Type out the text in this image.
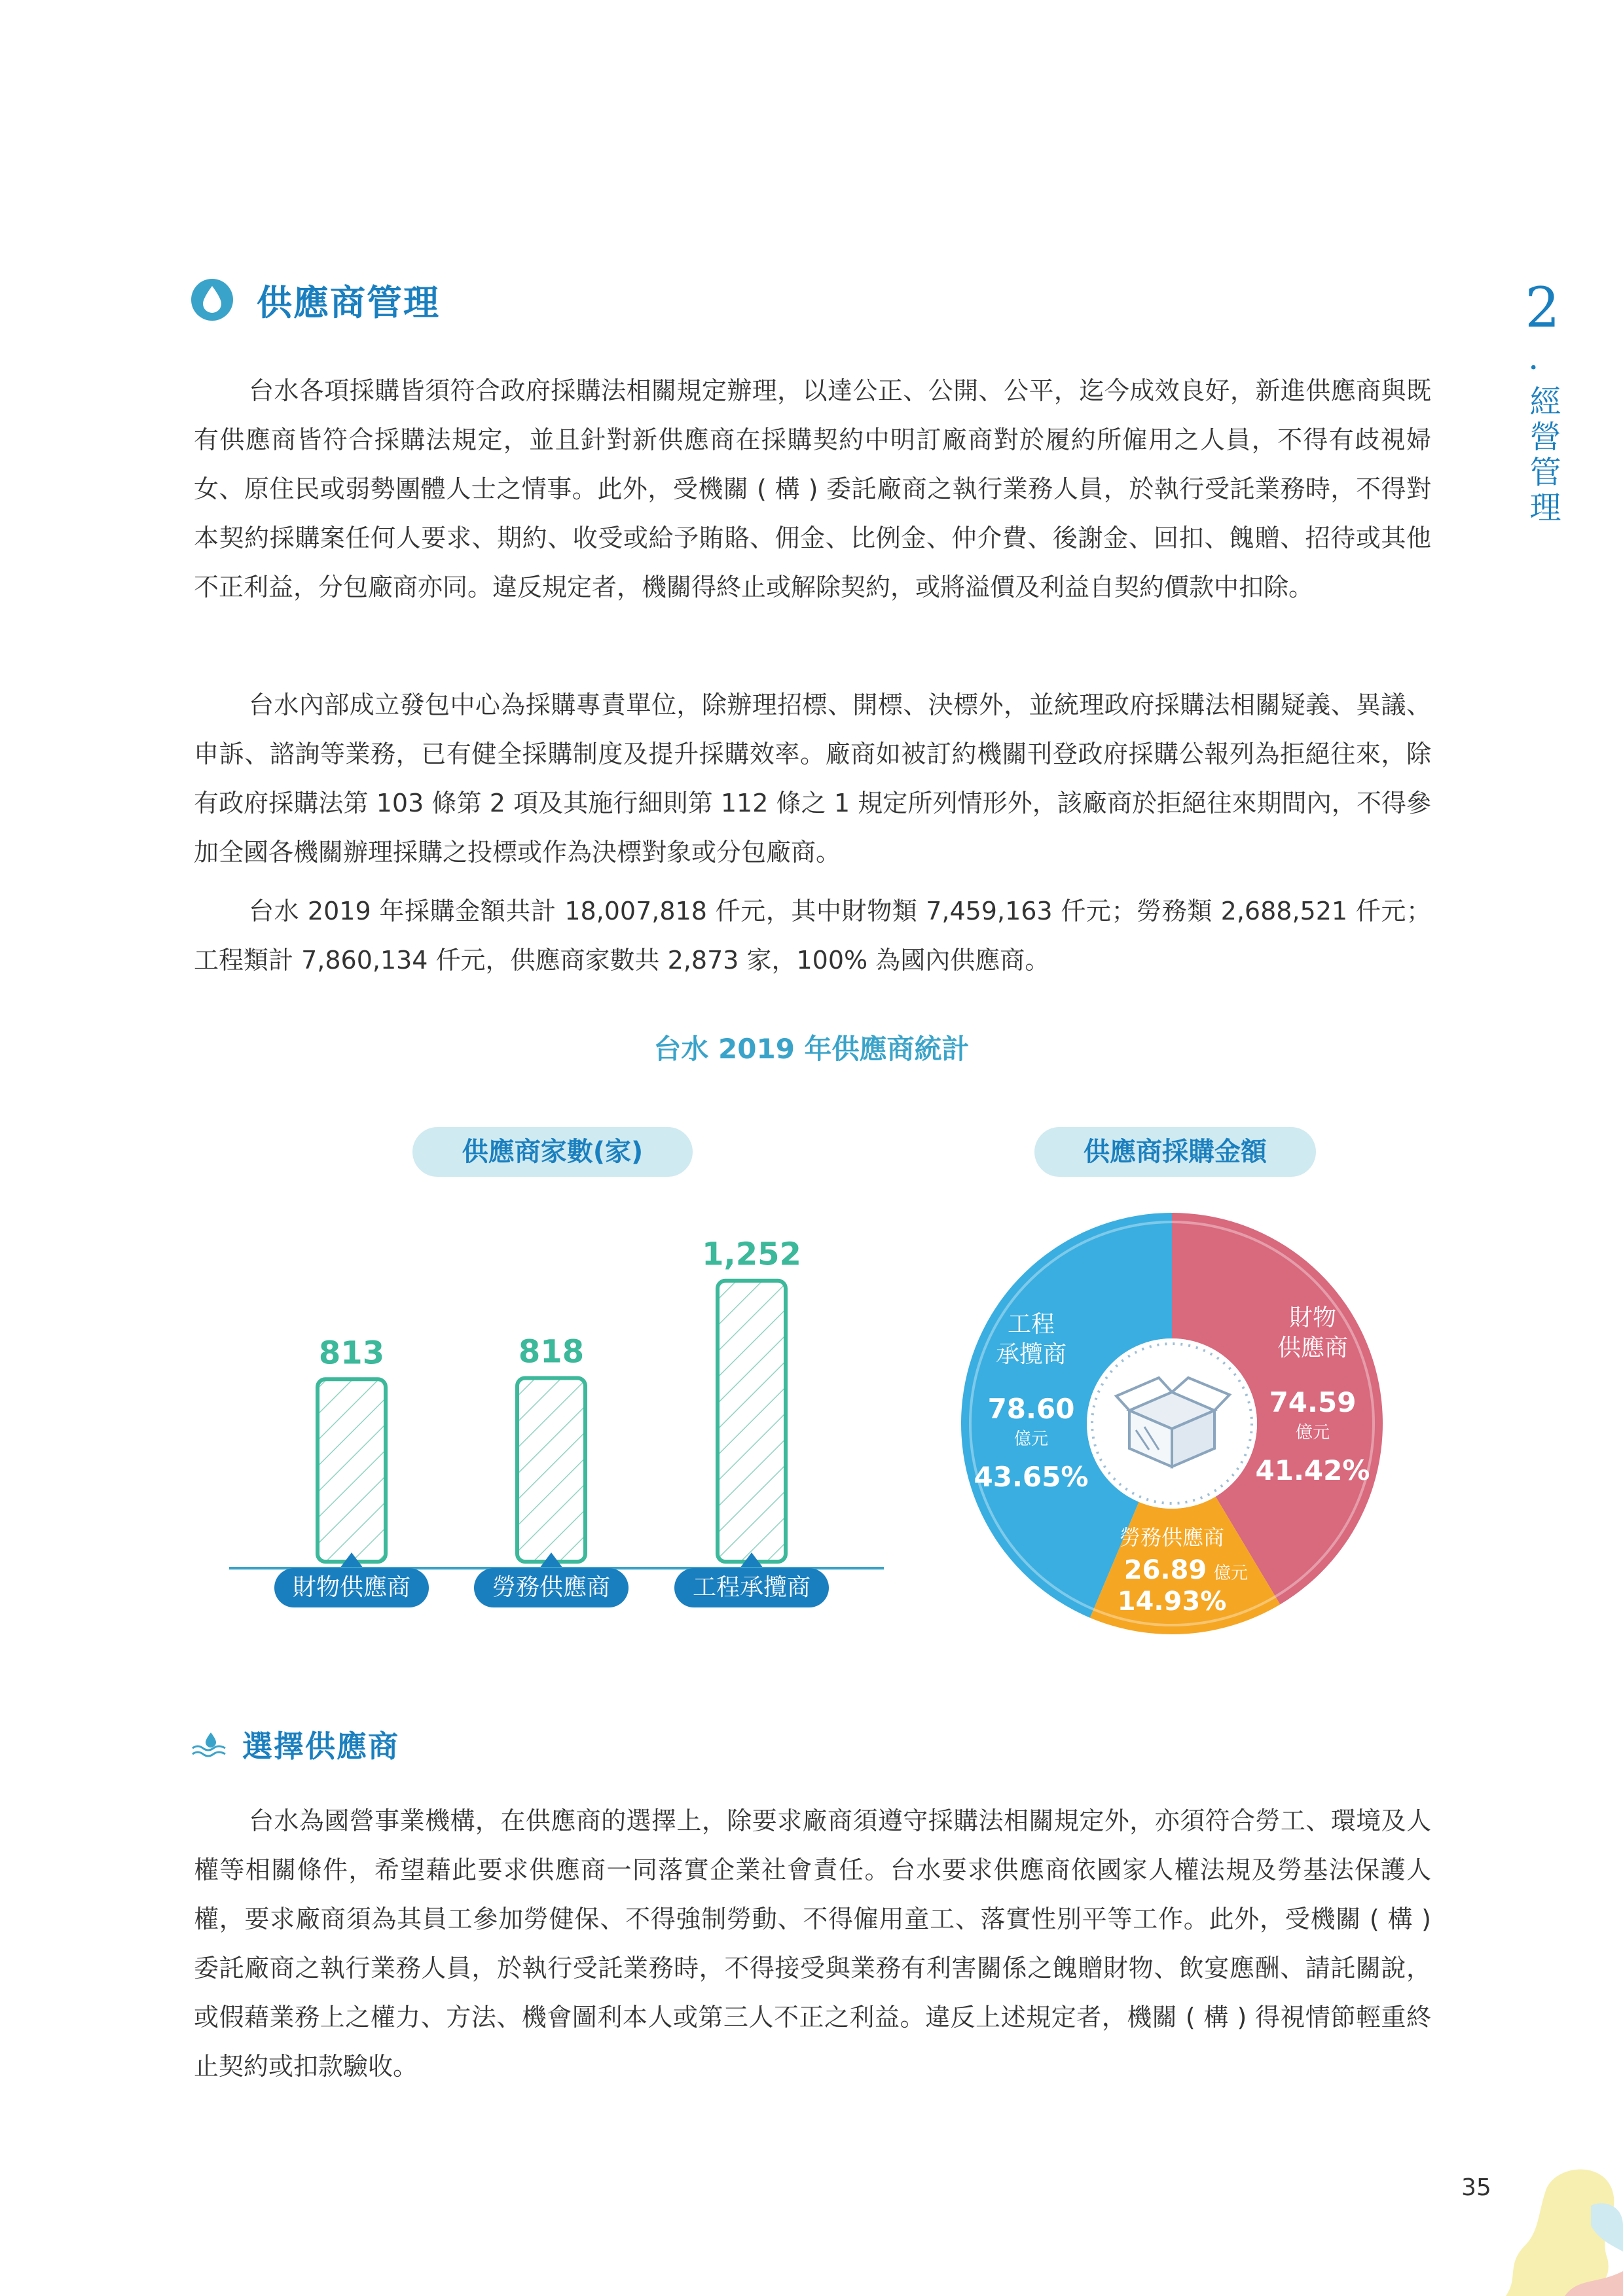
供應商管理	2
．
經營管理

台水各項採購皆須符合政府採購法相關規定辦理，以達公正、公開、公平，迄今成效良好，新進供應商與既有供應商皆符合採購法規定，並且針對新供應商在採購契約中明訂廠商對於履約所僱用之人員，不得有歧視婦女、原住民或弱勢團體人士之情事。此外，受機關 ( 構 ) 委託廠商之執行業務人員，於執行受託業務時，不得對本契約採購案任何人要求、期約、收受或給予賄賂、佣金、比例金、仲介費、後謝金、回扣、餽贈、招待或其他不正利益，分包廠商亦同。違反規定者，機關得終止或解除契約，或將溢價及利益自契約價款中扣除。

台水內部成立發包中心為採購專責單位，除辦理招標、開標、決標外，並統理政府採購法相關疑義、異議、申訴、諮詢等業務，已有健全採購制度及提升採購效率。廠商如被訂約機關刊登政府採購公報列為拒絕往來，除有政府採購法第 103 條第 2 項及其施行細則第 112 條之 1 規定所列情形外，該廠商於拒絕往來期間內，不得參加全國各機關辦理採購之投標或作為決標對象或分包廠商。

台水 2019 年採購金額共計 18,007,818 仟元，其中財物類 7,459,163 仟元；勞務類 2,688,521 仟元；工程類計 7,860,134 仟元，供應商家數共 2,873 家，100% 為國內供應商。

台水 2019 年供應商統計
供應商家數(家)	供應商採購金額
813	818
1,252
財物供應商	勞務供應商	工程承攬商
財物
供應商
74.59
億元
41.42%
勞務供應商
26.89 億元
14.93%
工程
承攬商
78.60
億元
43.65%
選擇供應商

台水為國營事業機構，在供應商的選擇上，除要求廠商須遵守採購法相關規定外，亦須符合勞工、環境及人權等相關條件，希望藉此要求供應商一同落實企業社會責任。台水要求供應商依國家人權法規及勞基法保護人權，要求廠商須為其員工參加勞健保、不得強制勞動、不得僱用童工、落實性別平等工作。此外，受機關 ( 構 ) 委託廠商之執行業務人員，於執行受託業務時，不得接受與業務有利害關係之餽贈財物、飲宴應酬、請託關說，或假藉業務上之權力、方法、機會圖利本人或第三人不正之利益。違反上述規定者，機關 ( 構 ) 得視情節輕重終止契約或扣款驗收。

35
